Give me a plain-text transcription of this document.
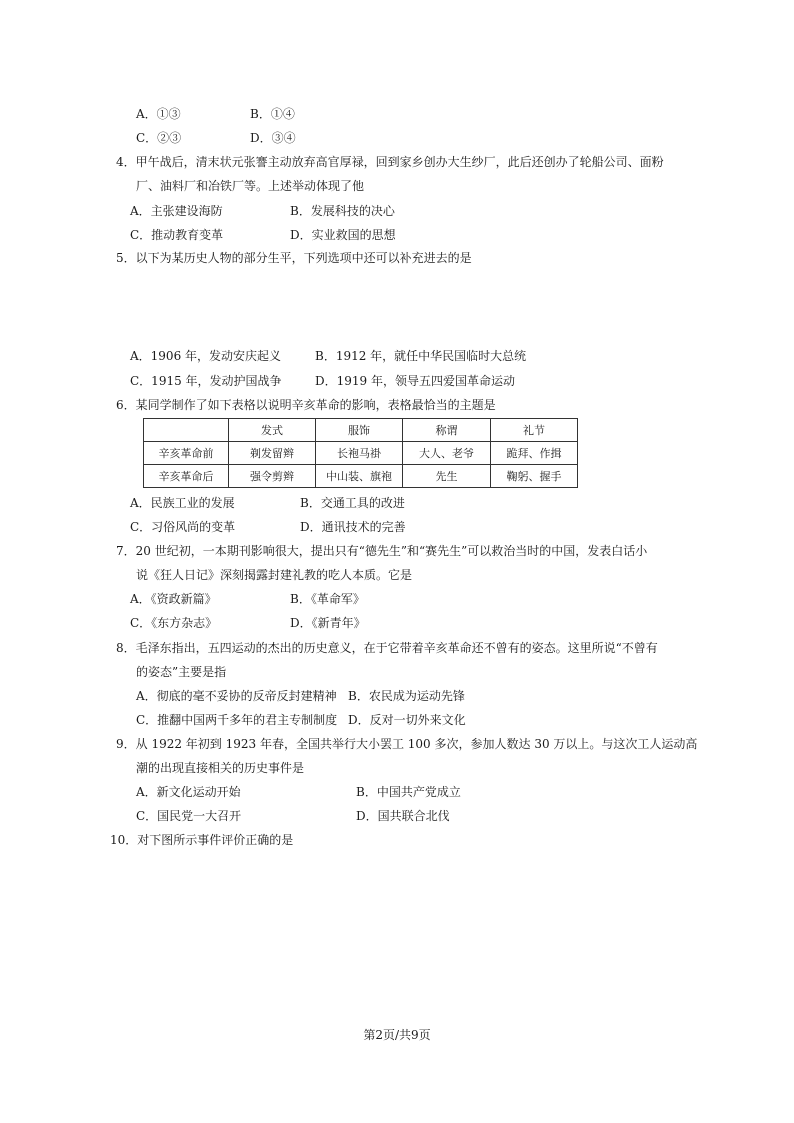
A．①③	B．①④
C．②③	D．③④
4．甲午战后，清末状元张謇主动放弃高官厚禄，回到家乡创办大生纱厂，此后还创办了轮船公司、面粉
厂、油料厂和冶铁厂等。上述举动体现了他
A．主张建设海防	B．发展科技的决心
C．推动教育变革	D．实业救国的思想
5．以下为某历史人物的部分生平，下列选项中还可以补充进去的是
A．1906 年，发动安庆起义	B．1912 年，就任中华民国临时大总统
C．1915 年，发动护国战争	D．1919 年，领导五四爱国革命运动
6．某同学制作了如下表格以说明辛亥革命的影响，表格最恰当的主题是
	发式	服饰	称谓	礼节
辛亥革命前	剃发留辫	长袍马褂	大人、老爷	跪拜、作揖
辛亥革命后	强令剪辫	中山装、旗袍	先生	鞠躬、握手
A．民族工业的发展	B．交通工具的改进
C．习俗风尚的变革	D．通讯技术的完善
7．20 世纪初，一本期刊影响很大，提出只有“德先生”和“赛先生”可以救治当时的中国，发表白话小
说《狂人日记》深刻揭露封建礼教的吃人本质。它是
A．《资政新篇》	B．《革命军》
C．《东方杂志》	D．《新青年》
8．毛泽东指出，五四运动的杰出的历史意义，在于它带着辛亥革命还不曾有的姿态。这里所说“不曾有
的姿态”主要是指
A．彻底的毫不妥协的反帝反封建精神 B．农民成为运动先锋
C．推翻中国两千多年的君主专制制度 D．反对一切外来文化
9．从 1922 年初到 1923 年春，全国共举行大小罢工 100 多次，参加人数达 30 万以上。与这次工人运动高
潮的出现直接相关的历史事件是
A．新文化运动开始	B．中国共产党成立
C．国民党一大召开	D．国共联合北伐
10．对下图所示事件评价正确的是
第2页/共9页
